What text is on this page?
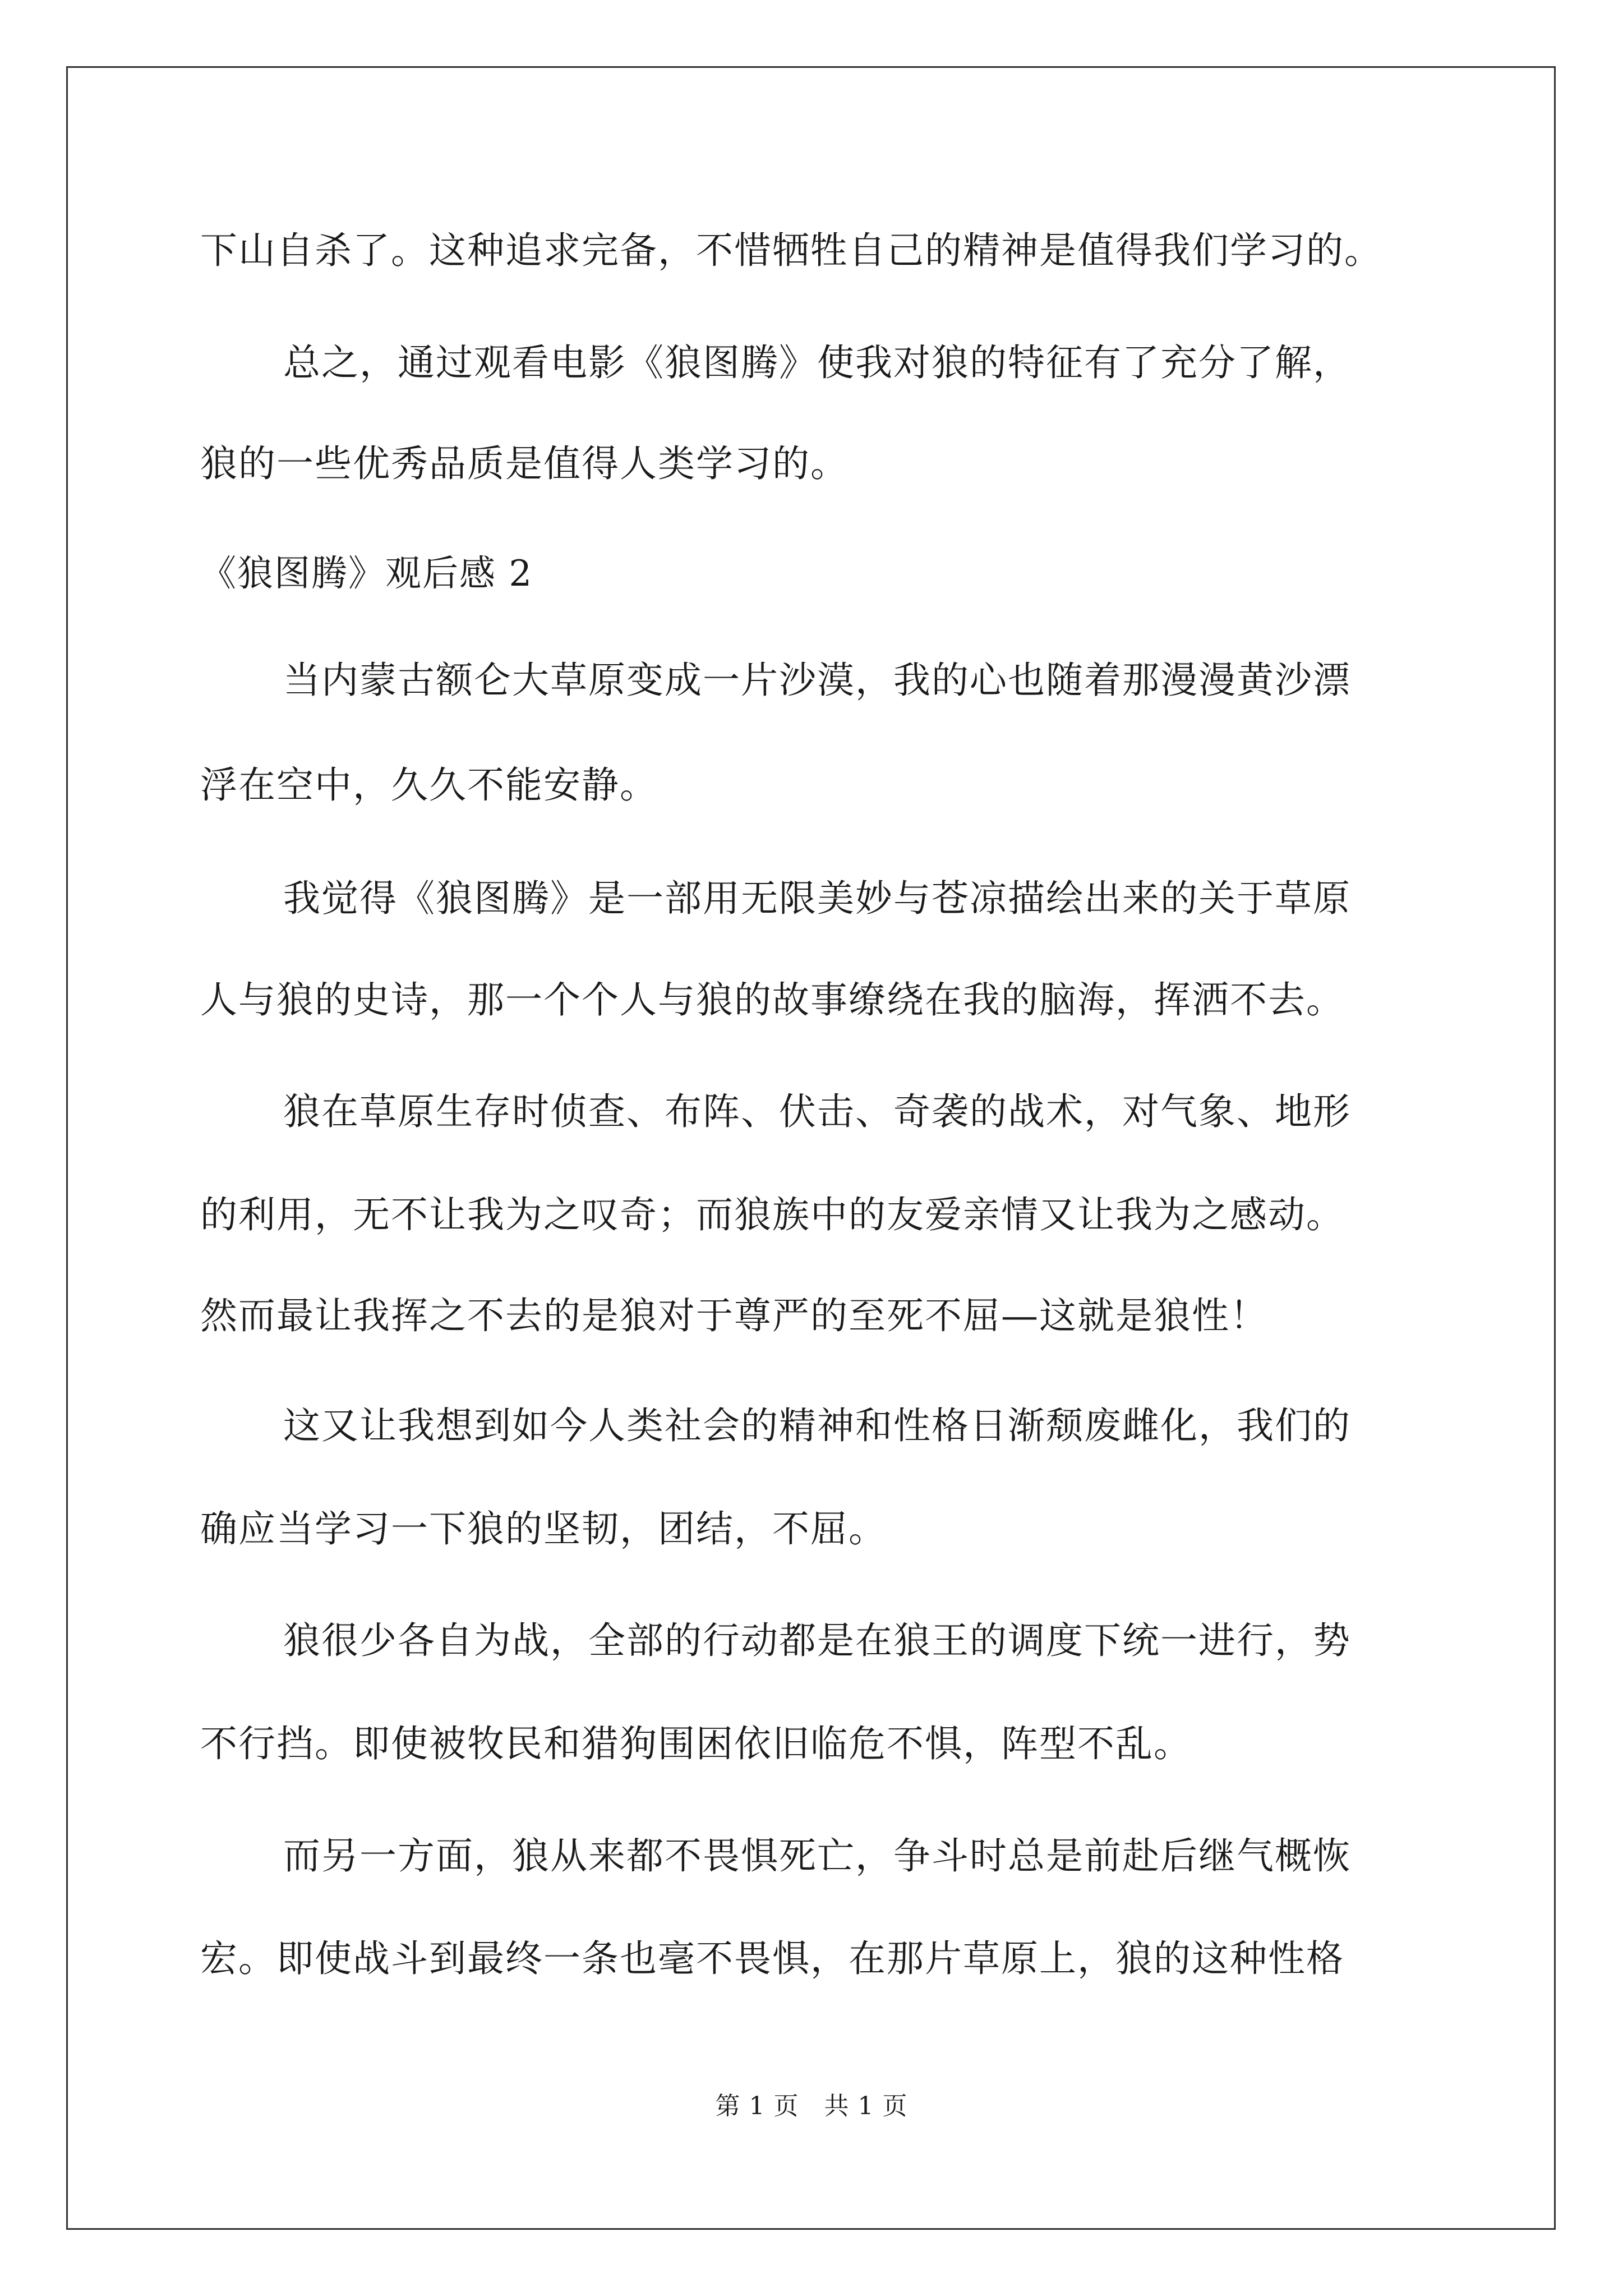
下山自杀了。这种追求完备，不惜牺牲自己的精神是值得我们学习的。
总之，通过观看电影《狼图腾》使我对狼的特征有了充分了解，
狼的一些优秀品质是值得人类学习的。
《狼图腾》观后感 2
当内蒙古额仑大草原变成一片沙漠，我的心也随着那漫漫黄沙漂
浮在空中，久久不能安静。
我觉得《狼图腾》是一部用无限美妙与苍凉描绘出来的关于草原
人与狼的史诗，那一个个人与狼的故事缭绕在我的脑海，挥洒不去。
狼在草原生存时侦查、布阵、伏击、奇袭的战术，对气象、地形
的利用，无不让我为之叹奇；而狼族中的友爱亲情又让我为之感动。
然而最让我挥之不去的是狼对于尊严的至死不屈—这就是狼性！
这又让我想到如今人类社会的精神和性格日渐颓废雌化，我们的
确应当学习一下狼的坚韧，团结，不屈。
狼很少各自为战，全部的行动都是在狼王的调度下统一进行，势
不行挡。即使被牧民和猎狗围困依旧临危不惧，阵型不乱。
而另一方面，狼从来都不畏惧死亡，争斗时总是前赴后继气概恢
宏。即使战斗到最终一条也毫不畏惧，在那片草原上，狼的这种性格
第 1 页　共 1 页
